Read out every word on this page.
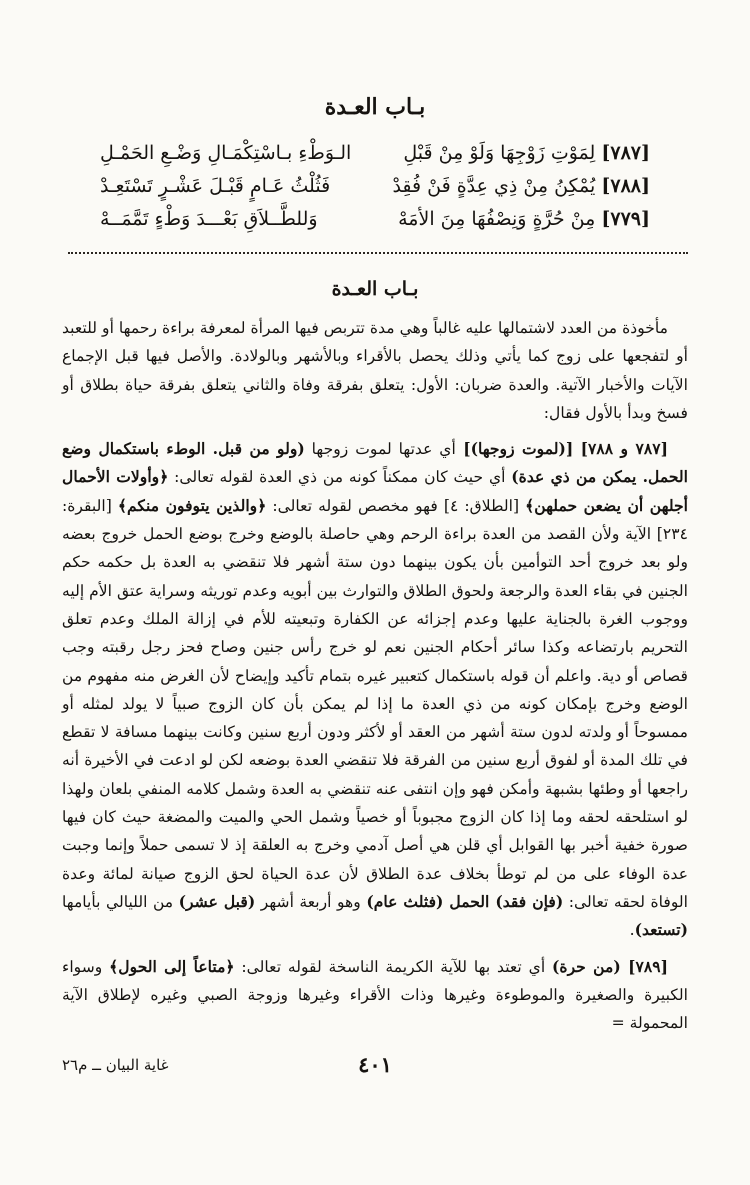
بـاب العـدة
[٧٨٧] لِمَوْتِ زَوْجِهَا وَلَوْ مِنْ قَبْلِ
الـوَطْءِ بـاسْتِكْمَـالِ وَضْـعِ الحَمْـلِ
[٧٨٨] يُمْكِنُ مِنْ ذِي عِدَّةٍ فَنْ فُقِدْ
فَثُلْثُ عَـامٍ قَبْـلَ عَشْـرٍ تَسْتَعِـدْ
[٧٧٩] مِنْ حُرَّةٍ وَنِصْفُهَا مِنَ الأمَهْ
وَللطَّــلاَقِ بَعْـــدَ وَطْءٍ تَمَّمَــهْ
بـاب العـدة

مأخوذة من العدد لاشتمالها عليه غالباً وهي مدة تتربص فيها المرأة لمعرفة براءة رحمها أو للتعبد أو لتفجعها على زوج كما يأتي وذلك يحصل بالأقراء وبالأشهر وبالولادة. والأصل فيها قبل الإجماع الآيات والأخبار الآتية. والعدة ضربان: الأول: يتعلق بفرقة وفاة والثاني يتعلق بفرقة حياة بطلاق أو فسخ وبدأ بالأول فقال:

[٧٨٧ و ٧٨٨] [(لموت زوجها)] أي عدتها لموت زوجها (ولو من قبل. الوطء باستكمال وضع الحمل. يمكن من ذي عدة) أي حيث كان ممكناً كونه من ذي العدة لقوله تعالى: ﴿وأولات الأحمال أجلهن أن يضعن حملهن﴾ [الطلاق: ٤] فهو مخصص لقوله تعالى: ﴿والذين يتوفون منكم﴾ [البقرة: ٢٣٤] الآية ولأن القصد من العدة براءة الرحم وهي حاصلة بالوضع وخرج بوضع الحمل خروج بعضه ولو بعد خروج أحد التوأمين بأن يكون بينهما دون ستة أشهر فلا تنقضي به العدة بل حكمه حكم الجنين في بقاء العدة والرجعة ولحوق الطلاق والتوارث بين أبويه وعدم توريثه وسراية عتق الأم إليه ووجوب الغرة بالجناية عليها وعدم إجزائه عن الكفارة وتبعيته للأم في إزالة الملك وعدم تعلق التحريم بارتضاعه وكذا سائر أحكام الجنين نعم لو خرج رأس جنين وصاح فحز رجل رقبته وجب قصاص أو دية. واعلم أن قوله باستكمال كتعبير غيره بتمام تأكيد وإيضاح لأن الغرض منه مفهوم من الوضع وخرج بإمكان كونه من ذي العدة ما إذا لم يمكن بأن كان الزوج صبياً لا يولد لمثله أو ممسوحاً أو ولدته لدون ستة أشهر من العقد أو لأكثر ودون أربع سنين وكانت بينهما مسافة لا تقطع في تلك المدة أو لفوق أربع سنين من الفرقة فلا تنقضي العدة بوضعه لكن لو ادعت في الأخيرة أنه راجعها أو وطئها بشبهة وأمكن فهو وإن انتفى عنه تنقضي به العدة وشمل كلامه المنفي بلعان ولهذا لو استلحقه لحقه وما إذا كان الزوج مجبوباً أو خصياً وشمل الحي والميت والمضغة حيث كان فيها صورة خفية أخبر بها القوابل أي قلن هي أصل آدمي وخرج به العلقة إذ لا تسمى حملاً وإنما وجبت عدة الوفاء على من لم توطأ بخلاف عدة الطلاق لأن عدة الحياة لحق الزوج صيانة لمائة وعدة الوفاة لحقه تعالى: (فإن فقد) الحمل (فثلث عام) وهو أربعة أشهر (قبل عشر) من الليالي بأيامها (تستعد).

[٧٨٩] (من حرة) أي تعتد بها للآية الكريمة الناسخة لقوله تعالى: ﴿متاعاً إلى الحول﴾ وسواء الكبيرة والصغيرة والموطوءة وغيرها وذات الأقراء وغيرها وزوجة الصبي وغيره لإطلاق الآية المحمولة =

٤٠١
غاية البيان ــ م٢٦
